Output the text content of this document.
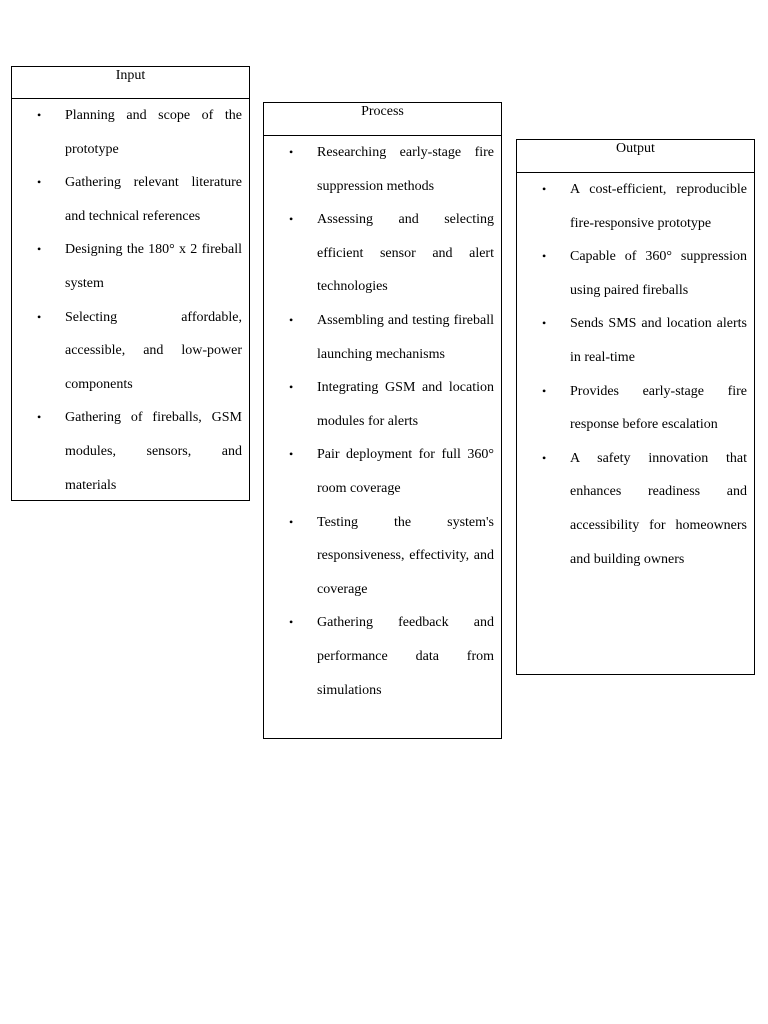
Input
•	Planning and scope of the prototype
•	Gathering relevant literature and technical references
•	Designing the 180° x 2 fireball system
•	Selecting affordable, accessible, and low-power components
•	Gathering of fireballs, GSM modules, sensors, and materials
Process
•	Researching early-stage fire suppression methods
•	Assessing and selecting efficient sensor and alert technologies
•	Assembling and testing fireball launching mechanisms
•	Integrating GSM and location modules for alerts
•	Pair deployment for full 360° room coverage
•	Testing the system's responsiveness, effectivity, and coverage
•	Gathering feedback and performance data from simulations
Output
•	A cost-efficient, reproducible fire-responsive prototype
•	Capable of 360° suppression using paired fireballs
•	Sends SMS and location alerts in real-time
•	Provides early-stage fire response before escalation
•	A safety innovation that enhances readiness and accessibility for homeowners and building owners
